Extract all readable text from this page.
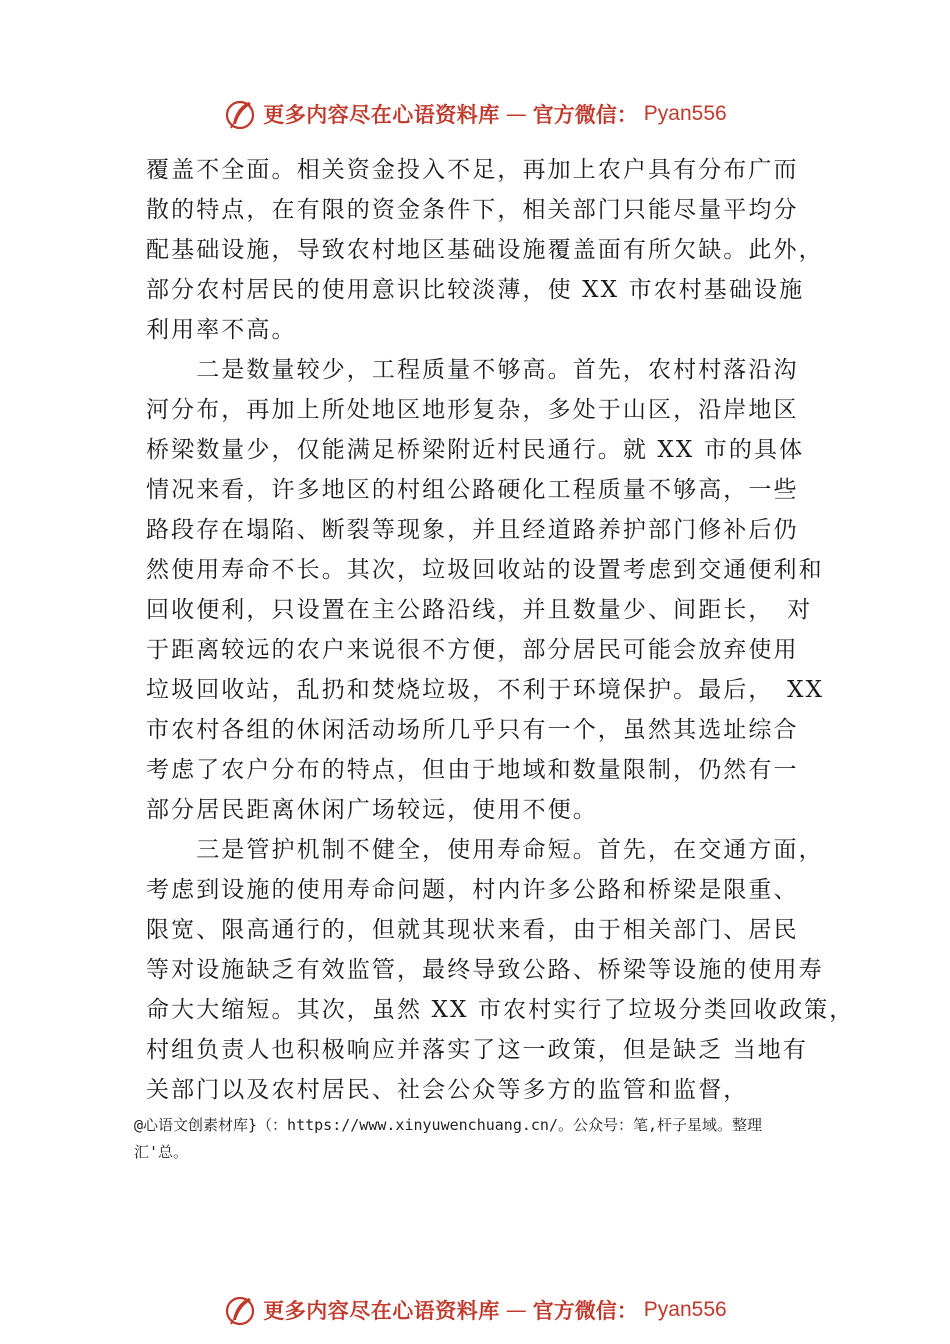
更多内容尽在心语资料库 — 官方微信： Pyan556
覆盖不全面。相关资金投入不足，再加上农户具有分布广而
散的特点，在有限的资金条件下，相关部门只能尽量平均分
配基础设施，导致农村地区基础设施覆盖面有所欠缺。此外，
部分农村居民的使用意识比较淡薄，使 XX 市农村基础设施
利用率不高。
　　二是数量较少，工程质量不够高。首先，农村村落沿沟
河分布，再加上所处地区地形复杂，多处于山区，沿岸地区
桥梁数量少，仅能满足桥梁附近村民通行。就 XX 市的具体
情况来看，许多地区的村组公路硬化工程质量不够高，一些
路段存在塌陷、断裂等现象，并且经道路养护部门修补后仍
然使用寿命不长。其次，垃圾回收站的设置考虑到交通便利和
回收便利，只设置在主公路沿线，并且数量少、间距长，　对
于距离较远的农户来说很不方便，部分居民可能会放弃使用
垃圾回收站，乱扔和焚烧垃圾，不利于环境保护。最后，　XX
市农村各组的休闲活动场所几乎只有一个，虽然其选址综合
考虑了农户分布的特点，但由于地域和数量限制，仍然有一
部分居民距离休闲广场较远，使用不便。
　　三是管护机制不健全，使用寿命短。首先，在交通方面，
考虑到设施的使用寿命问题，村内许多公路和桥梁是限重、
限宽、限高通行的，但就其现状来看，由于相关部门、居民
等对设施缺乏有效监管，最终导致公路、桥梁等设施的使用寿
命大大缩短。其次，虽然 XX 市农村实行了垃圾分类回收政策，
村组负责人也积极响应并落实了这一政策，但是缺乏 当地有
关部门以及农村居民、社会公众等多方的监管和监督，
@心语文创素材库}（：https://www.xinyuwenchuang.cn/。公众号：笔,杆子星域。整理
汇'总。
更多内容尽在心语资料库 — 官方微信： Pyan556
